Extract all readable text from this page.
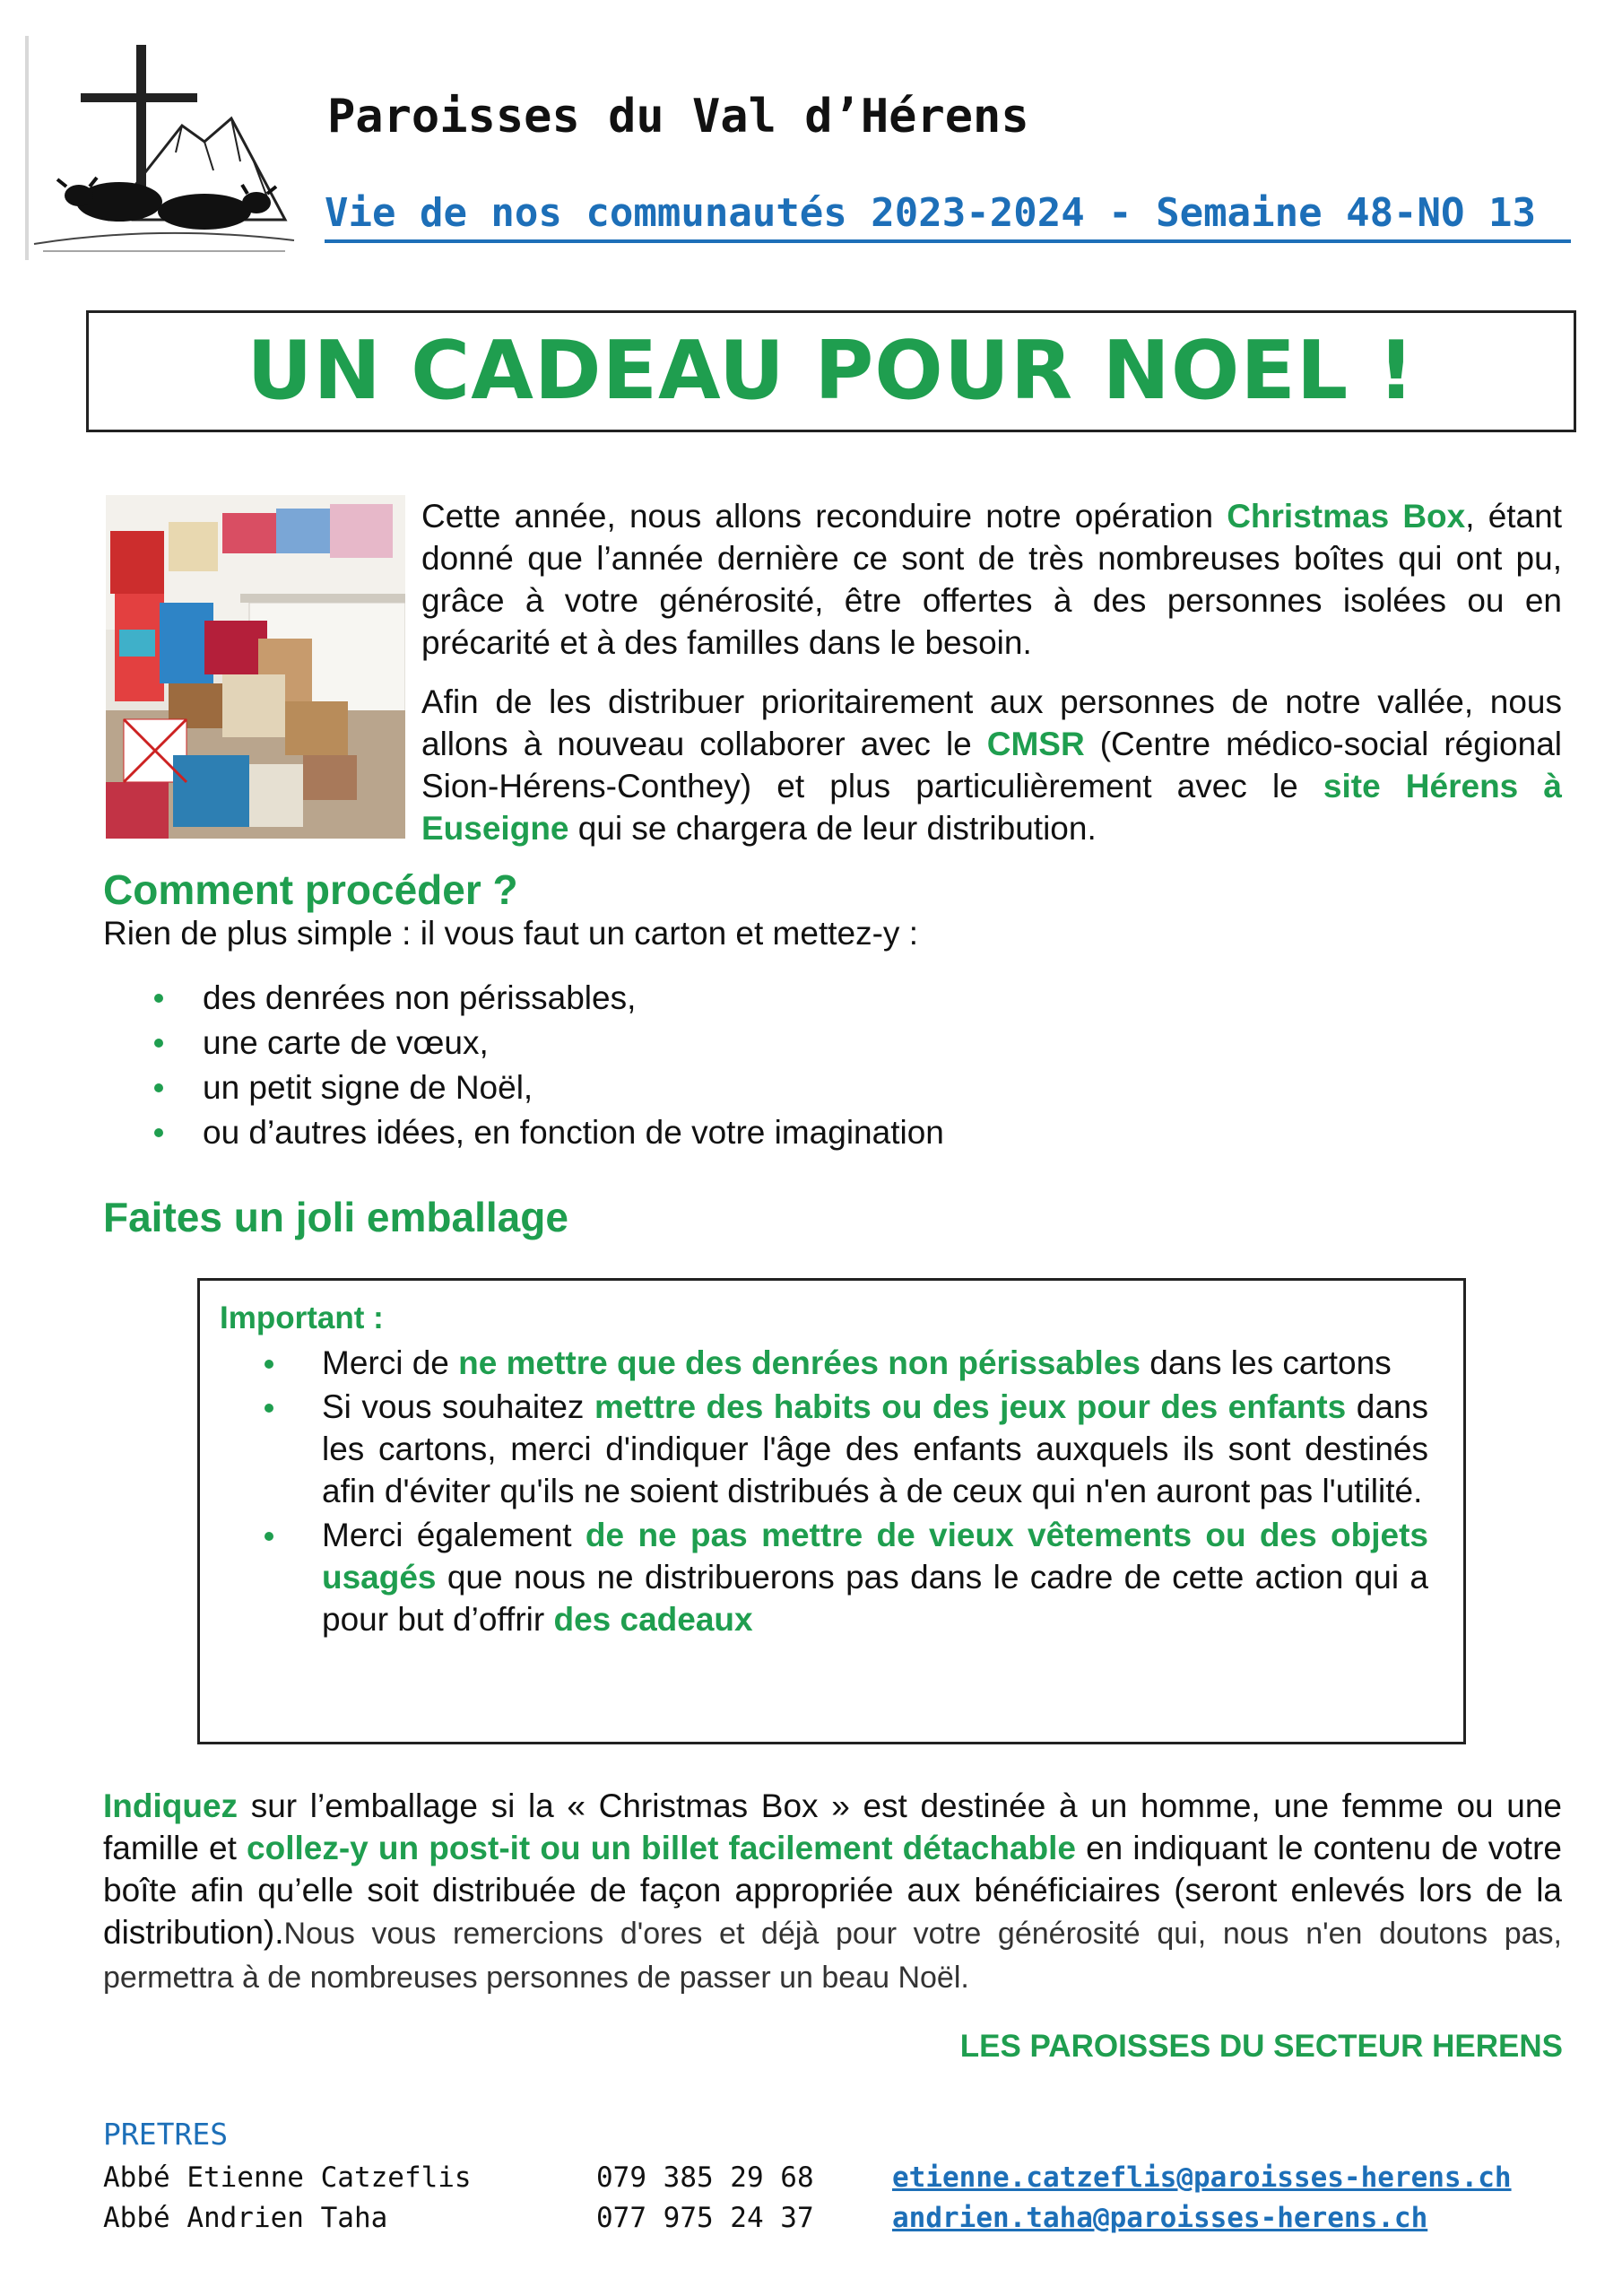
Paroisses du Val d’Hérens
Vie de nos communautés 2023-2024 - Semaine 48-NO 13
UN CADEAU POUR NOEL !

Cette année, nous allons reconduire notre opération Christmas Box, étant donné que l’année dernière ce sont de très nombreuses boîtes qui ont pu, grâce à votre générosité, être offertes à des personnes isolées ou en précarité et à des familles dans le besoin.

Afin de les distribuer prioritairement aux personnes de notre vallée, nous allons à nouveau collaborer avec le CMSR (Centre médico-social régional Sion-Hérens-Conthey) et plus particulièrement avec le site Hérens à Euseigne qui se chargera de leur distribution.

Comment procéder ?

Rien de plus simple : il vous faut un carton et mettez-y :

des denrées non périssables,
une carte de vœux,
un petit signe de Noël,
ou d’autres idées, en fonction de votre imagination
Faites un joli emballage
Important :
Merci de ne mettre que des denrées non périssables dans les cartons
Si vous souhaitez mettre des habits ou des jeux pour des enfants dans les cartons, merci d'indiquer l'âge des enfants auxquels ils sont destinés afin d'éviter qu'ils ne soient distribués à de ceux qui n'en auront pas l'utilité.
Merci également de ne pas mettre de vieux vêtements ou des objets usagés que nous ne distribuerons pas dans le cadre de cette action qui a pour but d’offrir des cadeaux

Indiquez sur l’emballage si la « Christmas Box » est destinée à un homme, une femme ou une famille et collez-y un post-it ou un billet facilement détachable en indiquant le contenu de votre boîte afin qu’elle soit distribuée de façon appropriée aux bénéficiaires (seront enlevés lors de la distribution).Nous vous remercions d'ores et déjà pour votre générosité qui, nous n'en doutons pas, permettra à de nombreuses personnes de passer un beau Noël.

LES PAROISSES DU SECTEUR HERENS
PRETRES
Abbé Etienne Catzeflis	079 385 29 68	etienne.catzeflis@paroisses-herens.ch
Abbé Andrien Taha	077 975 24 37	andrien.taha@paroisses-herens.ch
